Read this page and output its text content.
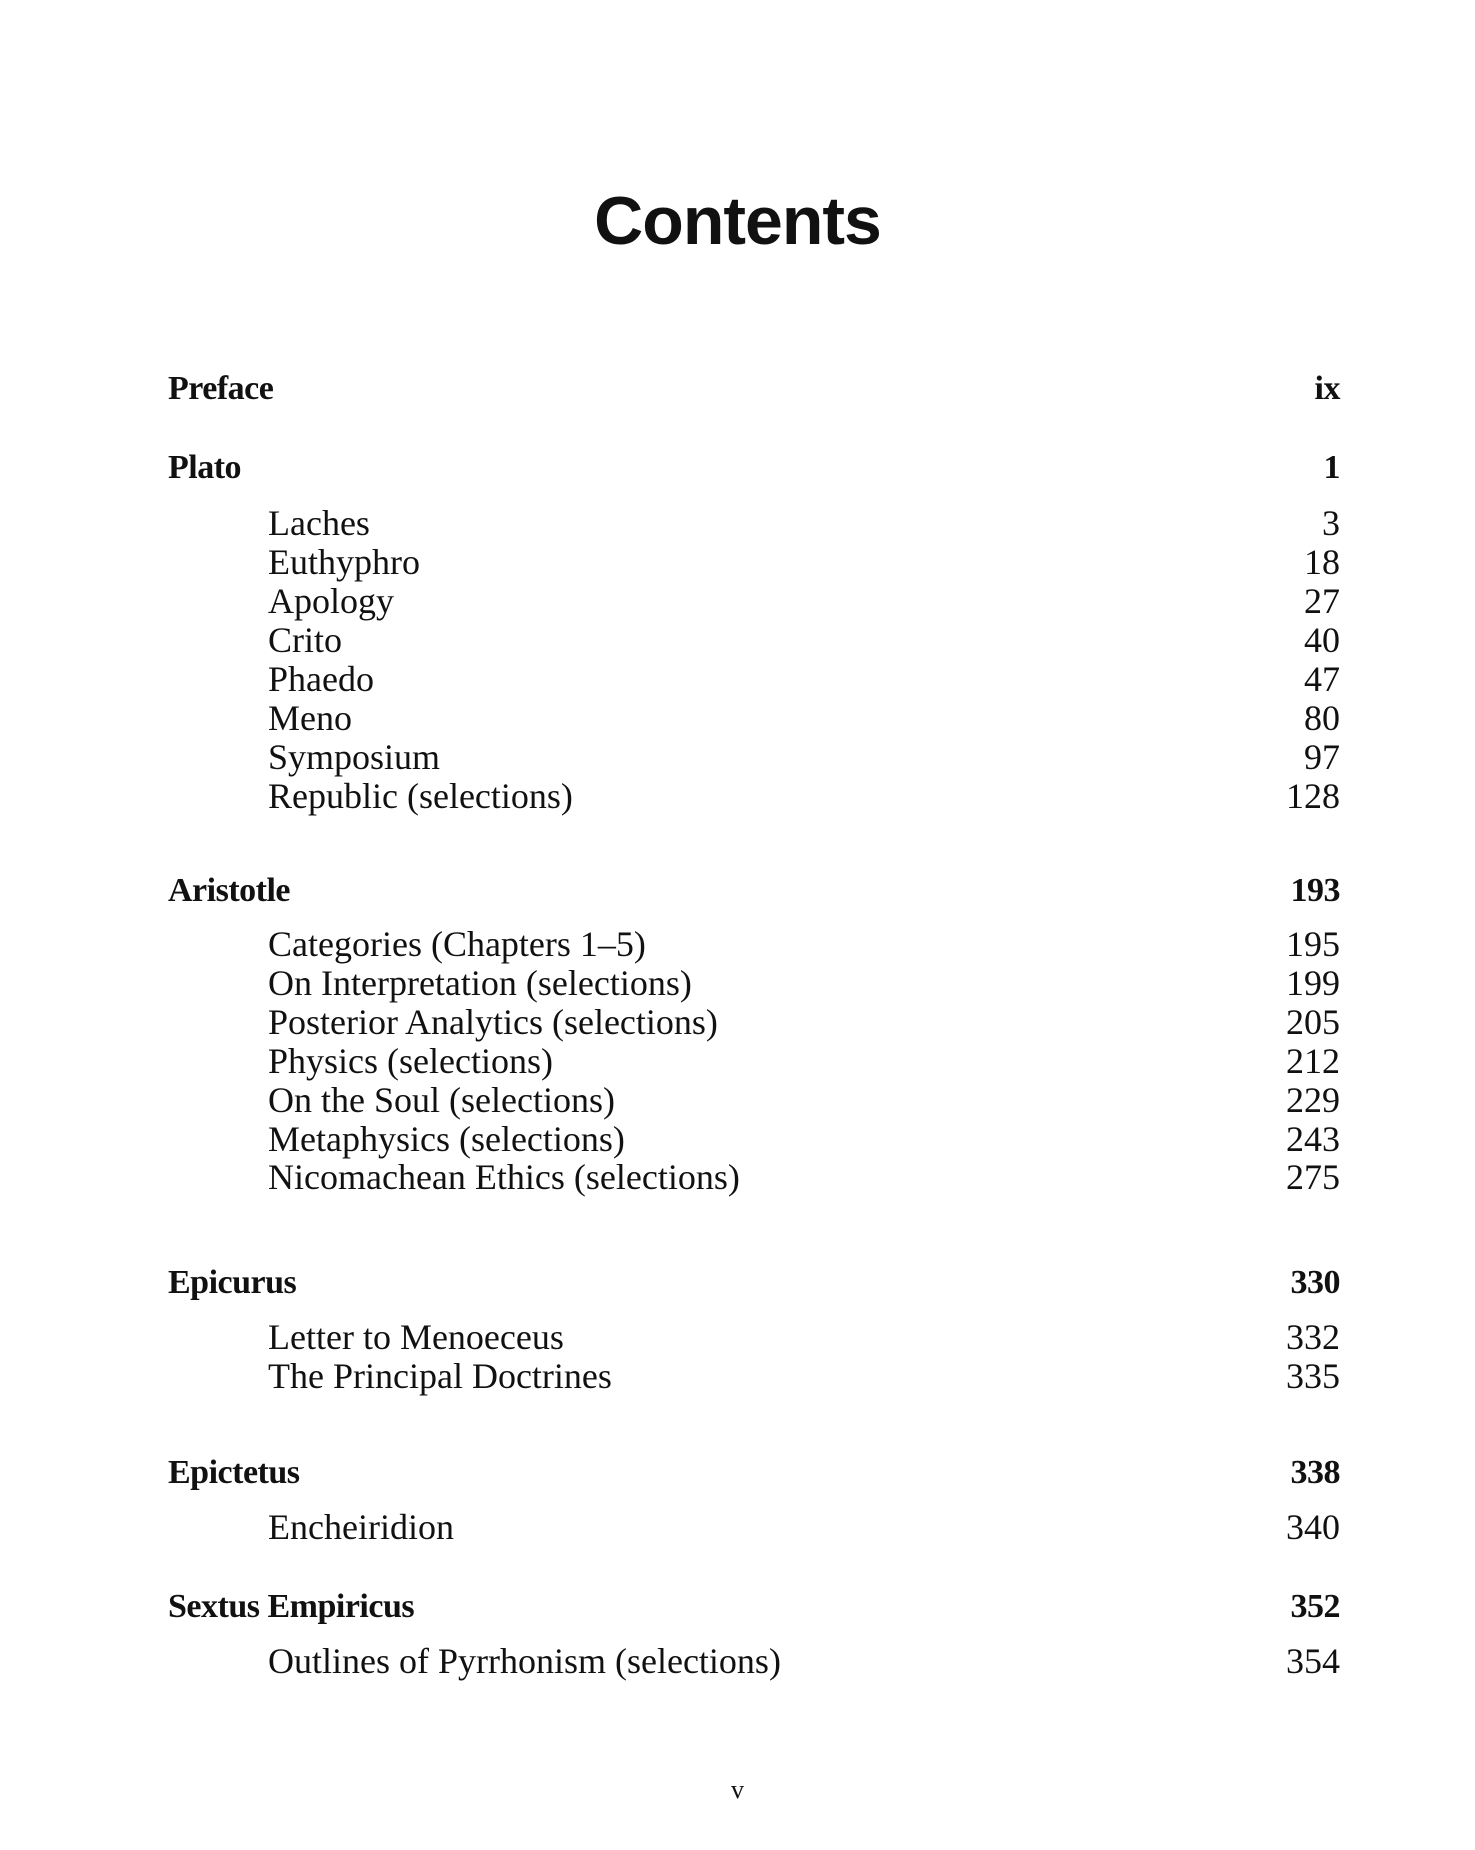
Contents
Preface	ix
Plato	1
Laches	3
Euthyphro	18
Apology	27
Crito	40
Phaedo	47
Meno	80
Symposium	97
Republic (selections)	128
Aristotle	193
Categories (Chapters 1–5)	195
On Interpretation (selections)	199
Posterior Analytics (selections)	205
Physics (selections)	212
On the Soul (selections)	229
Metaphysics (selections)	243
Nicomachean Ethics (selections)	275
Epicurus	330
Letter to Menoeceus	332
The Principal Doctrines	335
Epictetus	338
Encheiridion	340
Sextus Empiricus	352
Outlines of Pyrrhonism (selections)	354
v
